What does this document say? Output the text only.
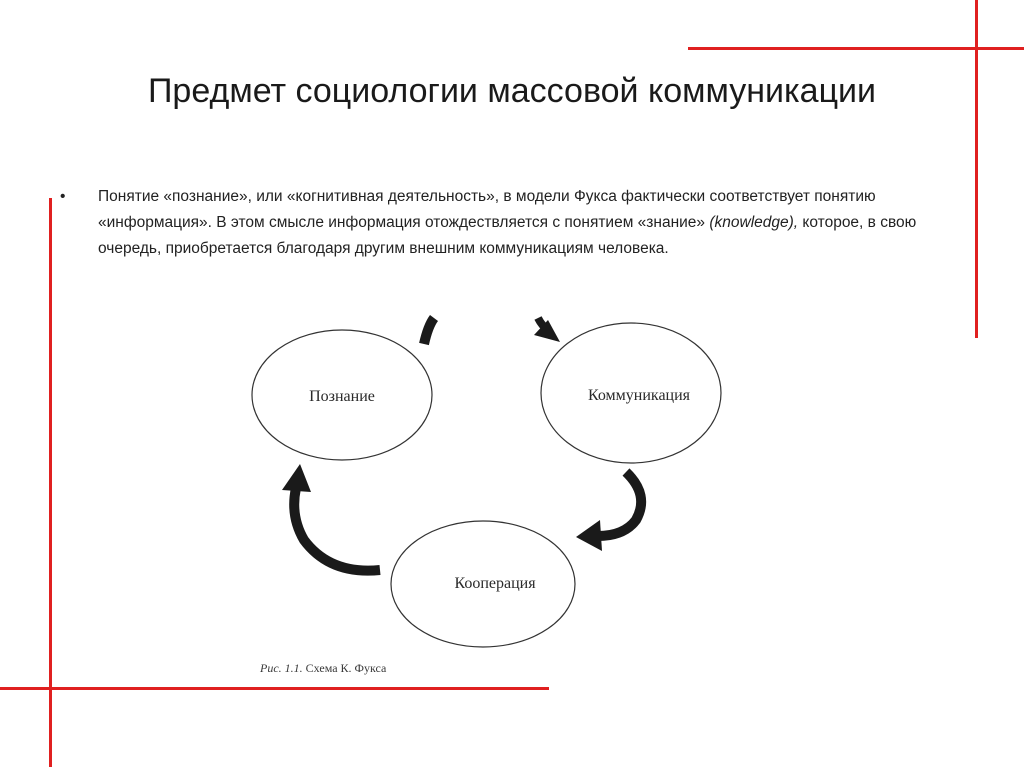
Предмет социологии массовой коммуникации
•	Понятие «познание», или «когнитивная деятельность», в модели Фукса фактически соответствует понятию «информация». В этом смысле информация отождествляется с понятием «знание» (knowledge), которое, в свою очередь, приобретается благодаря другим внешним коммуникациям человека.
Познание	Коммуникация
Кооперация
Рис. 1.1. Схема К. Фукса
